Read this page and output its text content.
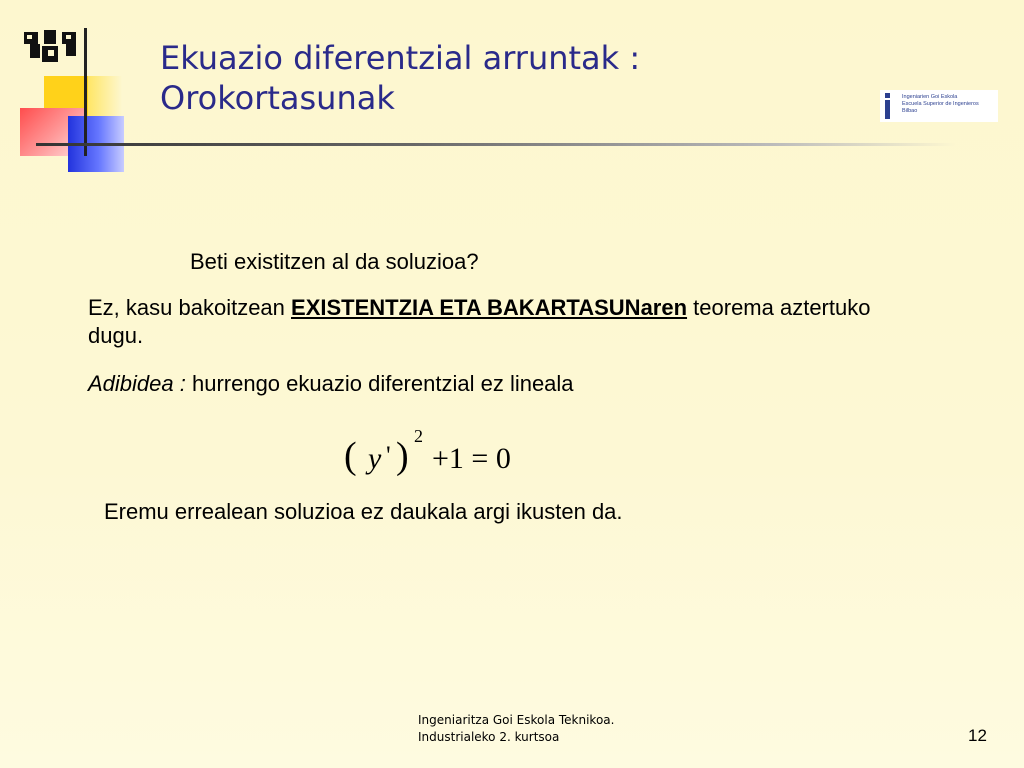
Ekuazio diferentzial arruntak :
Orokortasunak	Ingeniarien Goi Eskola
Escuela Superior de Ingenieros
Bilbao
Beti existitzen al da soluzioa?
Ez, kasu bakoitzean EXISTENTZIA ETA BAKARTASUNaren teorema aztertuko dugu.
Adibidea : hurrengo ekuazio diferentzial ez lineala
( y ' ) 2
+1 = 0
Eremu errealean soluzioa ez daukala argi ikusten da.
Ingeniaritza Goi Eskola Teknikoa.
Industrialeko 2. kurtsoa	12
